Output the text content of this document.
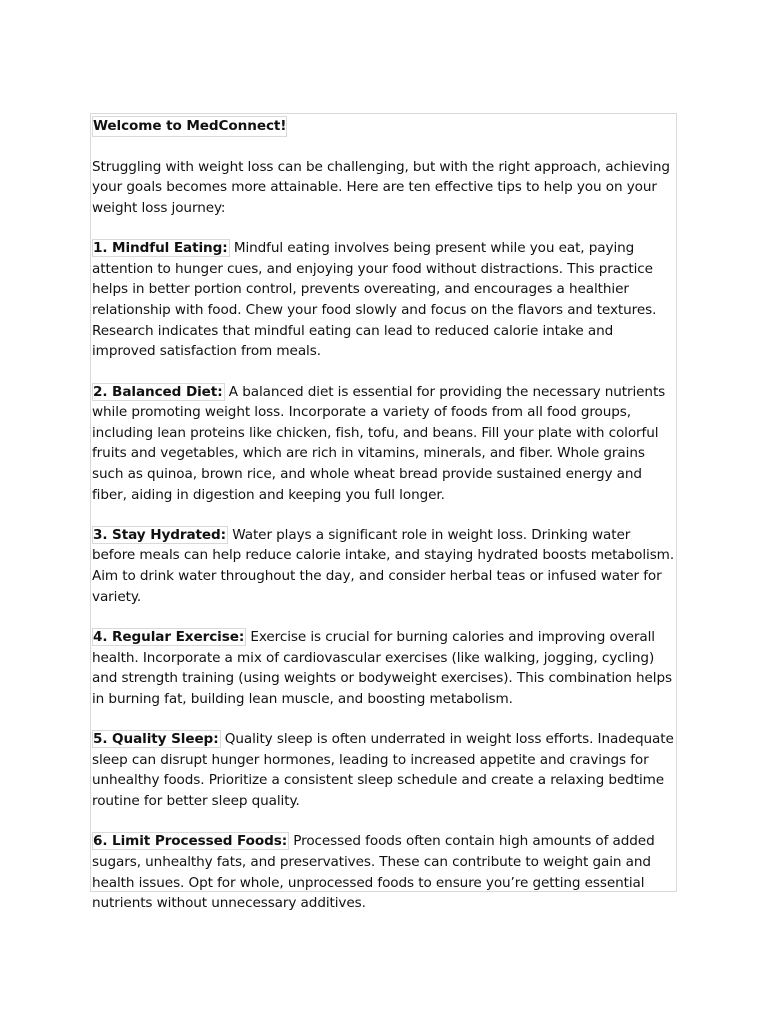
Welcome to MedConnect!

Struggling with weight loss can be challenging, but with the right approach, achieving your goals becomes more attainable. Here are ten effective tips to help you on your weight loss journey:

1. Mindful Eating: Mindful eating involves being present while you eat, paying attention to hunger cues, and enjoying your food without distractions. This practice helps in better portion control, prevents overeating, and encourages a healthier relationship with food. Chew your food slowly and focus on the flavors and textures. Research indicates that mindful eating can lead to reduced calorie intake and improved satisfaction from meals.

2. Balanced Diet: A balanced diet is essential for providing the necessary nutrients while promoting weight loss. Incorporate a variety of foods from all food groups, including lean proteins like chicken, fish, tofu, and beans. Fill your plate with colorful fruits and vegetables, which are rich in vitamins, minerals, and fiber. Whole grains such as quinoa, brown rice, and whole wheat bread provide sustained energy and fiber, aiding in digestion and keeping you full longer.

3. Stay Hydrated: Water plays a significant role in weight loss. Drinking water before meals can help reduce calorie intake, and staying hydrated boosts metabolism. Aim to drink water throughout the day, and consider herbal teas or infused water for variety.

4. Regular Exercise: Exercise is crucial for burning calories and improving overall health. Incorporate a mix of cardiovascular exercises (like walking, jogging, cycling) and strength training (using weights or bodyweight exercises). This combination helps in burning fat, building lean muscle, and boosting metabolism.

5. Quality Sleep: Quality sleep is often underrated in weight loss efforts. Inadequate sleep can disrupt hunger hormones, leading to increased appetite and cravings for unhealthy foods. Prioritize a consistent sleep schedule and create a relaxing bedtime routine for better sleep quality.

6. Limit Processed Foods: Processed foods often contain high amounts of added sugars, unhealthy fats, and preservatives. These can contribute to weight gain and health issues. Opt for whole, unprocessed foods to ensure you’re getting essential nutrients without unnecessary additives.
